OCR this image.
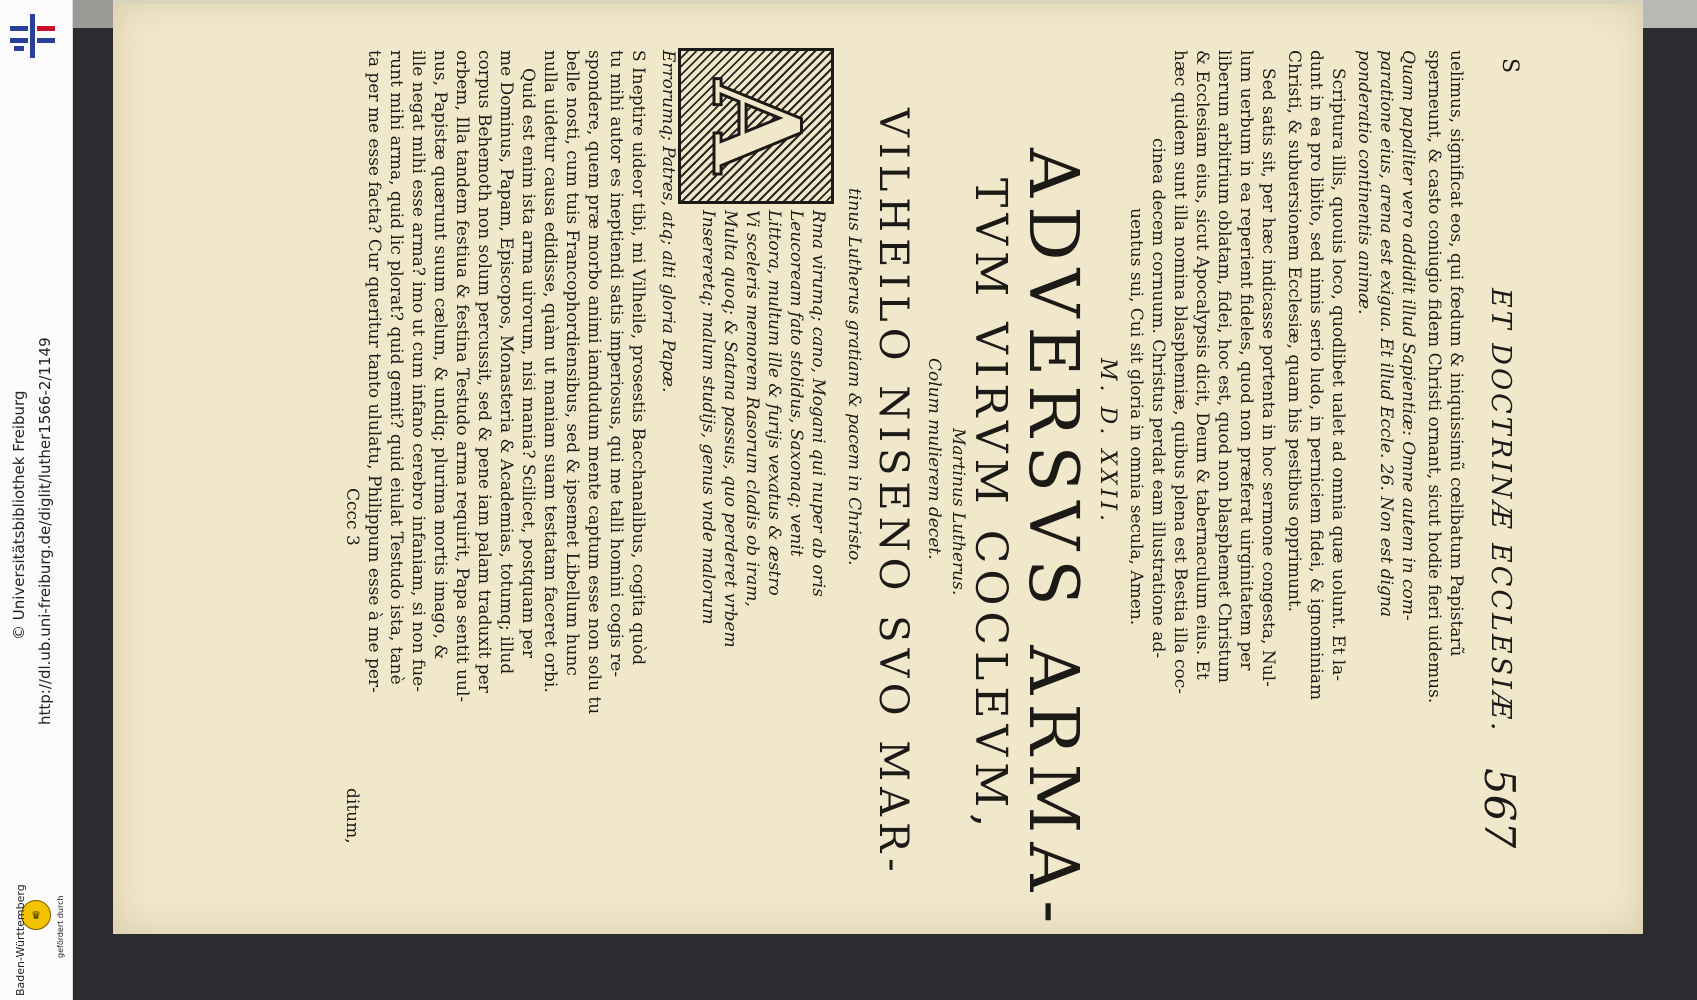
http://dl.ub.uni-freiburg.de/diglit/luther1566-2/1149
© Universitätsbibliothek Freiburg
gefördert durch
♛
Baden-Württemberg
S
ET DOCTRINÆ ECCLESIÆ.
567
uelimus, significat eos, qui fœdum & iniquissimũ cœlibatum Papistarũ
sperneunt, & casto coniugio fidem Christi ornant, sicut hodie fieri uidemus.
Quam papaliter vero addidit illud Sapientiæ: Omne autem in com-
paratione eius, arena est exigua. Et illud Eccle. 26. Non est digna
ponderatio continentis animæ.
Scriptura illis, quouis loco, quodlibet ualet ad omnia quæ uolunt. Et la-
dunt in ea pro libito, sed nimis serio ludo, in perniciem fidei, & ignominiam
Christi, & subuersionem Ecclesiæ, quam his pestibus opprimunt.
Sed satis sit, per hæc indicasse portenta in hoc sermone congesta, Nul-
lum uerbum in ea reperient fideles, quod non præferat uirginitatem per
liberum arbitrium oblatam, fidei, hoc est, quod non blasphemet Christum
& Ecclesiam eius, sicut Apocalypsis dicit, Deum & tabernaculum eius. Et
hæc quidem sunt illa nomina blasphemiæ, quibus plena est Bestia illa coc-
cinea decem cornuum. Christus perdat eam illustratione ad-
uentus sui, Cui sit gloria in omnia secula, Amen.
M. D. XXII.
ADVERSVS ARMA-
TVM VIRVM COCLEVM,
Martinus Lutherus.
Colum mulierem decet.
VILHEILO NISENO SVO MAR-
tinus Lutherus gratiam & pacem in Christo.
A
Rma virumq; cano, Mogani qui nuper ab oris
Leucoream fato stolidus, Saxonaq; venit
Littora, multum ille & furijs vexatus & æstro
Vi sceleris memorem Rasorum cladis ob iram,
Multa quoq; & Satana passus, quo perderet vrbem
Insereretq; malum studijs, genus vnde malorum
Errorumq; Patres, atq; alti gloria Papæ.
S Ineptire uideor tibi, mi Vilheile, prosestis Bacchanalibus, cogita quòd
tu mihi autor es ineptiendi satis imperiosus, qui me talli homini cogis re-
spondere, quem præ morbo animi iamdudum mente captum esse non solu tu
belle nosti, cum tuis Francophordiensibus, sed & ipsemet Libellum hunc
nulla uidetur causa edidisse, quàm ut maniam suam testatam faceret orbi.
Quid est enim ista arma uirorum, nisi mania? Scilicet, postquam per
me Dominus, Papam, Episcopos, Monasteria & Academias, totumq; illud
corpus Behemoth non solum percussit, sed & pene iam palam traduxit per
orbem, Illa tandem festiua & festina Testudo arma requirit, Papa sentit uul-
nus, Papistæ quærunt suum cælum, & undiq; plurima mortis imago, &
ille negat mihi esse arma? imo ut cum infano cerebro infaniam, si non fue-
runt mihi arma, quid lic plorat? quid gemit? quid eiulat Testudo ista, tanè
ta per me esse facta? Cur queritur tanto ululatu, Philippum esse à me per-
ditum,
Cccc 3
